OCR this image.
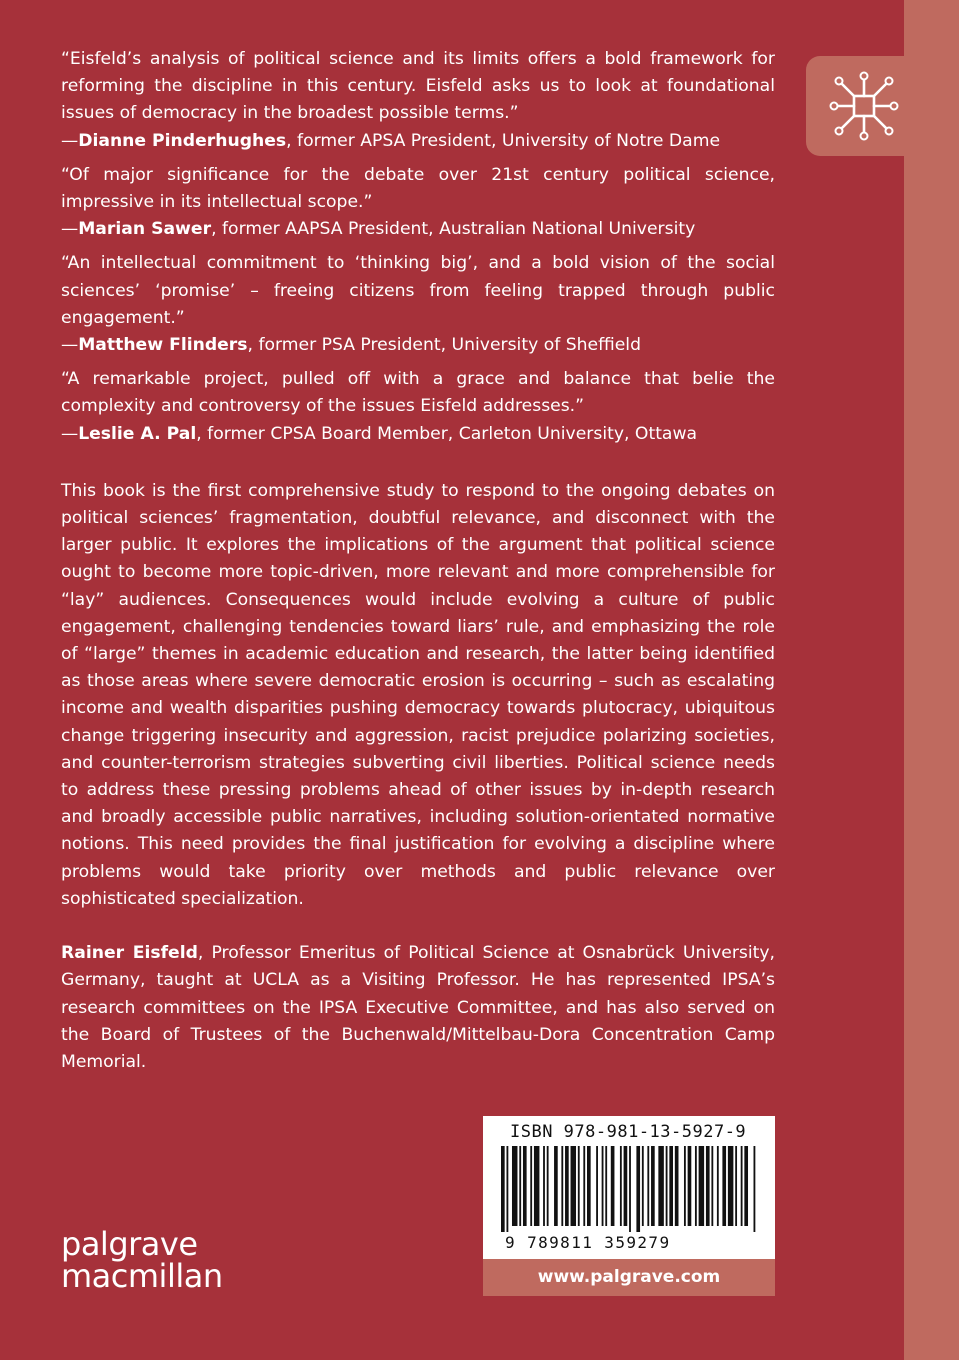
“Eisfeld’s analysis of political science and its limits offers a bold framework for reforming the discipline in this century. Eisfeld asks us to look at foundational issues of democracy in the broadest possible terms.”
—Dianne Pinderhughes, former APSA President, University of Notre Dame
“Of major significance for the debate over 21st century political science, impressive in its intellectual scope.”
—Marian Sawer, former AAPSA President, Australian National University
“An intellectual commitment to ‘thinking big’, and a bold vision of the social sciences’ ‘promise’ – freeing citizens from feeling trapped through public engagement.”
—Matthew Flinders, former PSA President, University of Sheffield
“A remarkable project, pulled off with a grace and balance that belie the complexity and controversy of the issues Eisfeld addresses.”
—Leslie A. Pal, former CPSA Board Member, Carleton University, Ottawa
This book is the first comprehensive study to respond to the ongoing debates on political sciences’ fragmentation, doubtful relevance, and disconnect with the larger public. It explores the implications of the argument that political science ought to become more topic-driven, more relevant and more comprehensible for “lay” audiences. Consequences would include evolving a culture of public engagement, challenging tendencies toward liars’ rule, and emphasizing the role of “large” themes in academic education and research, the latter being identified as those areas where severe democratic erosion is occurring – such as escalating income and wealth disparities pushing democracy towards plutocracy, ubiquitous change triggering insecurity and aggression, racist prejudice polarizing societies, and counter-terrorism strategies subverting civil liberties. Political science needs to address these pressing problems ahead of other issues by in-depth research and broadly accessible public narratives, including solution-orientated normative notions. This need provides the final justification for evolving a discipline where problems would take priority over methods and public relevance over sophisticated specialization.
Rainer Eisfeld, Professor Emeritus of Political Science at Osnabrück University, Germany, taught at UCLA as a Visiting Professor. He has represented IPSA’s research committees on the IPSA Executive Committee, and has also served on the Board of Trustees of the Buchenwald/Mittelbau-Dora Concentration Camp Memorial.
ISBN 978-981-13-5927-9
9 789811 359279
www.palgrave.com
palgrave
macmillan
